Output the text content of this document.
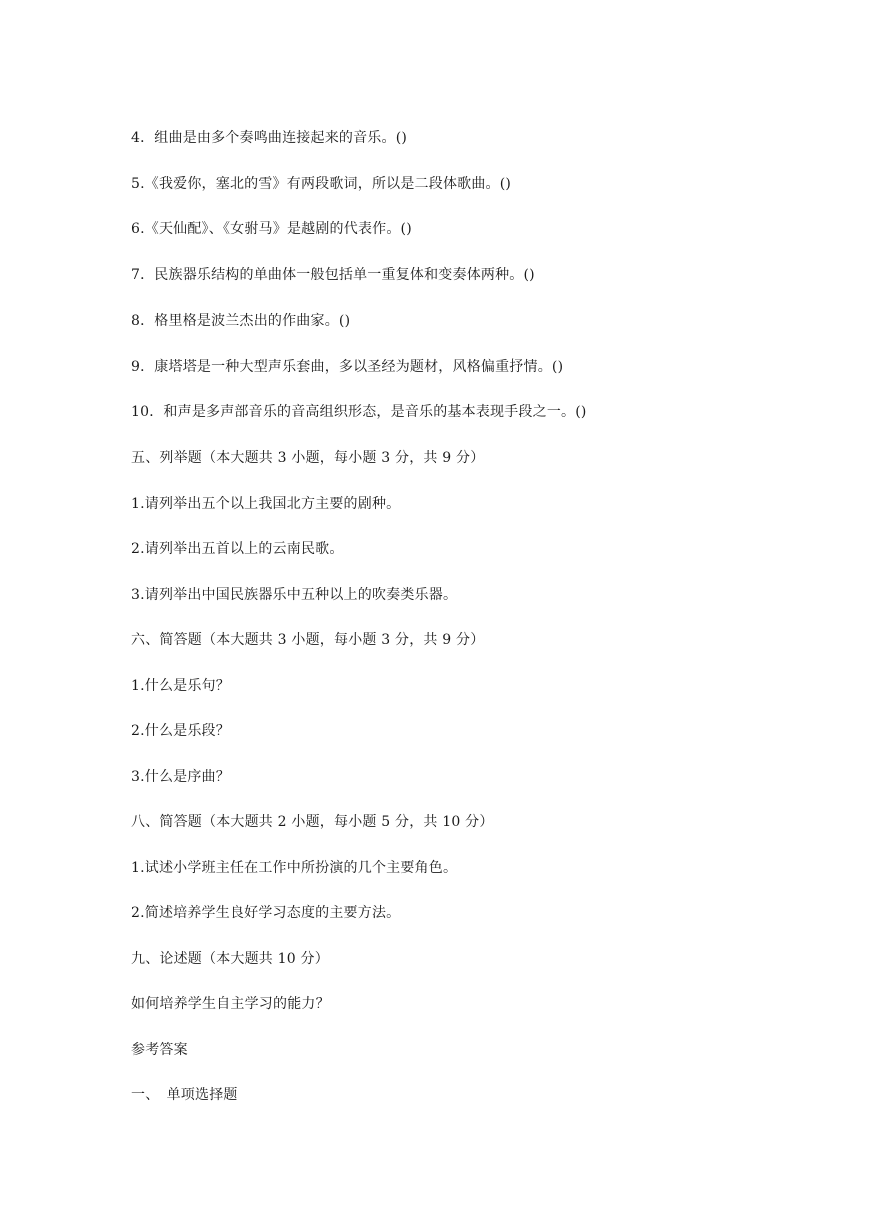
4．组曲是由多个奏鸣曲连接起来的音乐。()
5.《我爱你，塞北的雪》有两段歌词，所以是二段体歌曲。()
6.《天仙配》、《女驸马》是越剧的代表作。()
7．民族器乐结构的单曲体一般包括单一重复体和变奏体两种。()
8．格里格是波兰杰出的作曲家。()
9．康塔塔是一种大型声乐套曲，多以圣经为题材，风格偏重抒情。()
10．和声是多声部音乐的音高组织形态，是音乐的基本表现手段之一。()
五、列举题（本大题共 3 小题，每小题 3 分，共 9 分）
1.请列举出五个以上我国北方主要的剧种。
2.请列举出五首以上的云南民歌。
3.请列举出中国民族器乐中五种以上的吹奏类乐器。
六、简答题（本大题共 3 小题，每小题 3 分，共 9 分）
1.什么是乐句？
2.什么是乐段？
3.什么是序曲？
八、简答题（本大题共 2 小题，每小题 5 分，共 10 分）
1.试述小学班主任在工作中所扮演的几个主要角色。
2.简述培养学生良好学习态度的主要方法。
九、论述题（本大题共 10 分）
如何培养学生自主学习的能力？
参考答案
一、　单项选择题
